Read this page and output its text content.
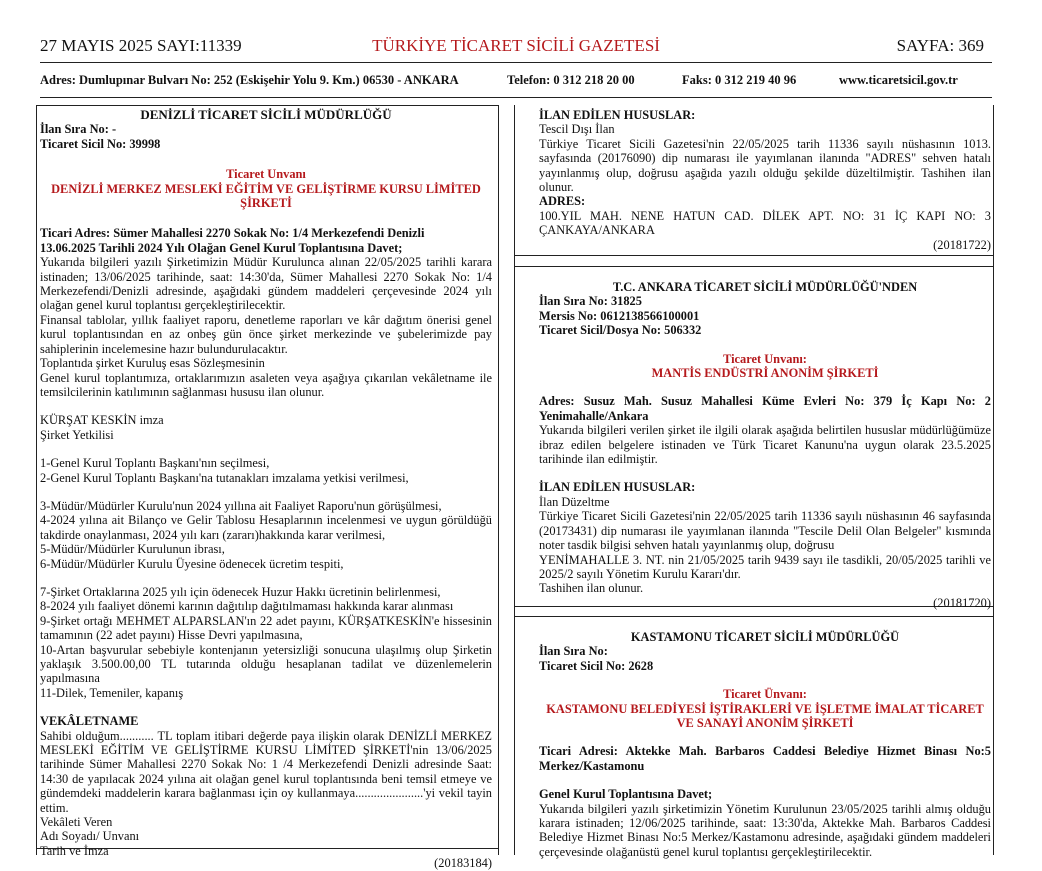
27 MAYIS 2025 SAYI:11339	TÜRKİYE TİCARET SİCİLİ GAZETESİ	SAYFA: 369
Adres: Dumlupınar Bulvarı No: 252 (Eskişehir Yolu 9. Km.) 06530 - ANKARA	Telefon: 0 312 218 20 00	Faks: 0 312 219 40 96	www.ticaretsicil.gov.tr
DENİZLİ TİCARET SİCİLİ MÜDÜRLÜĞÜ
İlan Sıra No: -
Ticaret Sicil No: 39998
Ticaret Unvanı
DENİZLİ MERKEZ MESLEKİ EĞİTİM VE GELİŞTİRME KURSU LİMİTED ŞİRKETİ
Ticari Adres: Sümer Mahallesi 2270 Sokak No: 1/4 Merkezefendi Denizli
13.06.2025 Tarihli 2024 Yılı Olağan Genel Kurul Toplantısına Davet;

Yukarıda bilgileri yazılı Şirketimizin Müdür Kurulunca alınan 22/05/2025 tarihli karara istinaden; 13/06/2025 tarihinde, saat: 14:30'da, Sümer Mahallesi 2270 Sokak No: 1/4 Merkezefendi/Denizli adresinde, aşağıdaki gündem maddeleri çerçevesinde 2024 yılı olağan genel kurul toplantısı gerçekleştirilecektir.

Finansal tablolar, yıllık faaliyet raporu, denetleme raporları ve kâr dağıtım önerisi genel kurul toplantısından en az onbeş gün önce şirket merkezinde ve şubelerimizde pay sahiplerinin incelemesine hazır bulundurulacaktır.

Toplantıda şirket Kuruluş esas Sözleşmesinin

Genel kurul toplantımıza, ortaklarımızın asaleten veya aşağıya çıkarılan vekâletname ile temsilcilerinin katılımının sağlanması hususu ilan olunur.

KÜRŞAT KESKİN imza
Şirket Yetkilisi

1-Genel Kurul Toplantı Başkanı'nın seçilmesi,

2-Genel Kurul Toplantı Başkanı'na tutanakları imzalama yetkisi verilmesi,

3-Müdür/Müdürler Kurulu'nun 2024 yıllına ait Faaliyet Raporu'nun görüşülmesi,

4-2024 yılına ait Bilanço ve Gelir Tablosu Hesaplarının incelenmesi ve uygun görüldüğü takdirde onaylanması, 2024 yılı karı (zararı)hakkında karar verilmesi,

5-Müdür/Müdürler Kurulunun ibrası,

6-Müdür/Müdürler Kurulu Üyesine ödenecek ücretim tespiti,

7-Şirket Ortaklarına 2025 yılı için ödenecek Huzur Hakkı ücretinin belirlenmesi,

8-2024 yılı faaliyet dönemi karının dağıtılıp dağıtılmaması hakkında karar alınması

9-Şirket ortağı MEHMET ALPARSLAN'ın 22 adet payını, KÜRŞATKESKİN'e hissesinin tamamının (22 adet payını) Hisse Devri yapılmasına,

10-Artan başvurular sebebiyle kontenjanın yetersizliği sonucuna ulaşılmış olup Şirketin yaklaşık 3.500.00,00 TL tutarında olduğu hesaplanan tadilat ve düzenlemelerin yapılmasına

11-Dilek, Temeniler, kapanış

VEKÂLETNAME

Sahibi olduğum........... TL toplam itibari değerde paya ilişkin olarak DENİZLİ MERKEZ MESLEKİ EĞİTİM VE GELİŞTİRME KURSU LİMİTED ŞİRKETİ'nin 13/06/2025 tarihinde Sümer Mahallesi 2270 Sokak No: 1 /4 Merkezefendi Denizli adresinde Saat: 14:30 de yapılacak 2024 yılına ait olağan genel kurul toplantısında beni temsil etmeye ve gündemdeki maddelerin karara bağlanması için oy kullanmaya......................'yi vekil tayin ettim.

Vekâleti Veren
Adı Soyadı/ Unvanı
Tarih ve İmza
(20183184)
İLAN EDİLEN HUSUSLAR:
Tescil Dışı İlan

Türkiye Ticaret Sicili Gazetesi'nin 22/05/2025 tarih 11336 sayılı nüshasının 1013. sayfasında (20176090) dip numarası ile yayımlanan ilanında "ADRES" sehven hatalı yayınlanmış olup, doğrusu aşağıda yazılı olduğu şekilde düzeltilmiştir. Tashihen ilan olunur.

ADRES:

100.YIL MAH. NENE HATUN CAD. DİLEK APT. NO: 31 İÇ KAPI NO: 3 ÇANKAYA/ANKARA

(20181722)
T.C. ANKARA TİCARET SİCİLİ MÜDÜRLÜĞÜ'NDEN
İlan Sıra No: 31825
Mersis No: 0612138566100001
Ticaret Sicil/Dosya No: 506332
Ticaret Unvanı:
MANTİS ENDÜSTRİ ANONİM ŞİRKETİ

Adres: Susuz Mah. Susuz Mahallesi Küme Evleri No: 379 İç Kapı No: 2 Yenimahalle/Ankara

Yukarıda bilgileri verilen şirket ile ilgili olarak aşağıda belirtilen hususlar müdürlüğümüze ibraz edilen belgelere istinaden ve Türk Ticaret Kanunu'na uygun olarak 23.5.2025 tarihinde ilan edilmiştir.

İLAN EDİLEN HUSUSLAR:
İlan Düzeltme

Türkiye Ticaret Sicili Gazetesi'nin 22/05/2025 tarih 11336 sayılı nüshasının 46 sayfasında (20173431) dip numarası ile yayımlanan ilanında "Tescile Delil Olan Belgeler" kısmında noter tasdik bilgisi sehven hatalı yayınlanmış olup, doğrusu

YENİMAHALLE 3. NT. nin 21/05/2025 tarih 9439 sayı ile tasdikli, 20/05/2025 tarihli ve 2025/2 sayılı Yönetim Kurulu Kararı'dır.

Tashihen ilan olunur.
(20181720)
KASTAMONU TİCARET SİCİLİ MÜDÜRLÜĞÜ
İlan Sıra No:
Ticaret Sicil No: 2628
Ticaret Ünvanı:
KASTAMONU BELEDİYESİ İŞTİRAKLERİ VE İŞLETME İMALAT TİCARET VE SANAYİ ANONİM ŞİRKETİ

Ticari Adresi: Aktekke Mah. Barbaros Caddesi Belediye Hizmet Binası No:5 Merkez/Kastamonu

Genel Kurul Toplantısına Davet;

Yukarıda bilgileri yazılı şirketimizin Yönetim Kurulunun 23/05/2025 tarihli almış olduğu karara istinaden; 12/06/2025 tarihinde, saat: 13:30'da, Aktekke Mah. Barbaros Caddesi Belediye Hizmet Binası No:5 Merkez/Kastamonu adresinde, aşağıdaki gündem maddeleri çerçevesinde olağanüstü genel kurul toplantısı gerçekleştirilecektir.
